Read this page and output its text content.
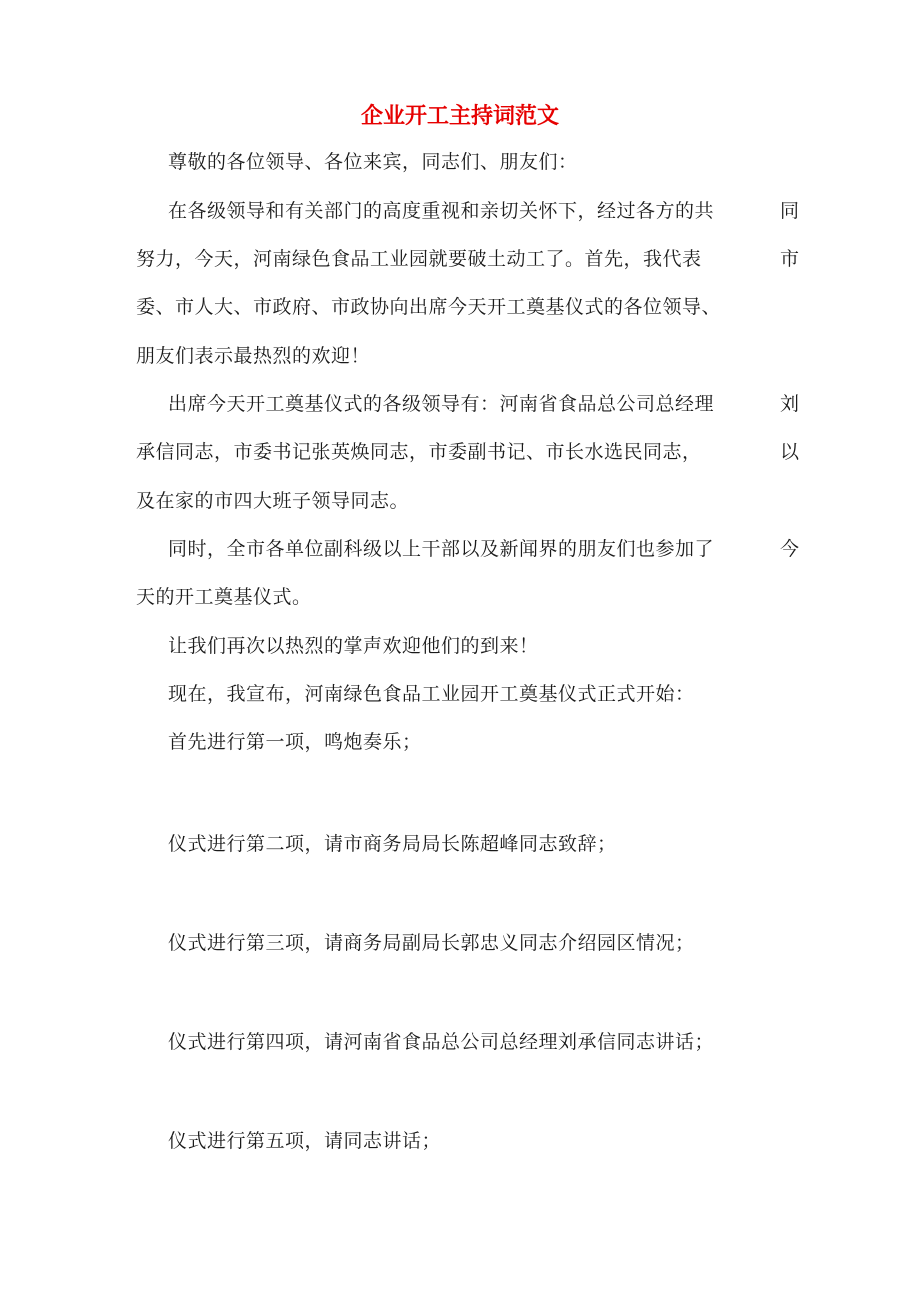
企业开工主持词范文

尊敬的各位领导、各位来宾，同志们、朋友们：

在各级领导和有关部门的高度重视和亲切关怀下，经过各方的共	同

努力，今天，河南绿色食品工业园就要破土动工了。首先，我代表	市

委、市人大、市政府、市政协向出席今天开工奠基仪式的各位领导、

朋友们表示最热烈的欢迎！

出席今天开工奠基仪式的各级领导有：河南省食品总公司总经理	刘

承信同志，市委书记张英焕同志，市委副书记、市长水选民同志，	以

及在家的市四大班子领导同志。

同时，全市各单位副科级以上干部以及新闻界的朋友们也参加了	今

天的开工奠基仪式。

让我们再次以热烈的掌声欢迎他们的到来！

现在，我宣布，河南绿色食品工业园开工奠基仪式正式开始：

首先进行第一项，鸣炮奏乐；

仪式进行第二项，请市商务局局长陈超峰同志致辞；

仪式进行第三项，请商务局副局长郭忠义同志介绍园区情况；

仪式进行第四项，请河南省食品总公司总经理刘承信同志讲话；

仪式进行第五项，请同志讲话；
